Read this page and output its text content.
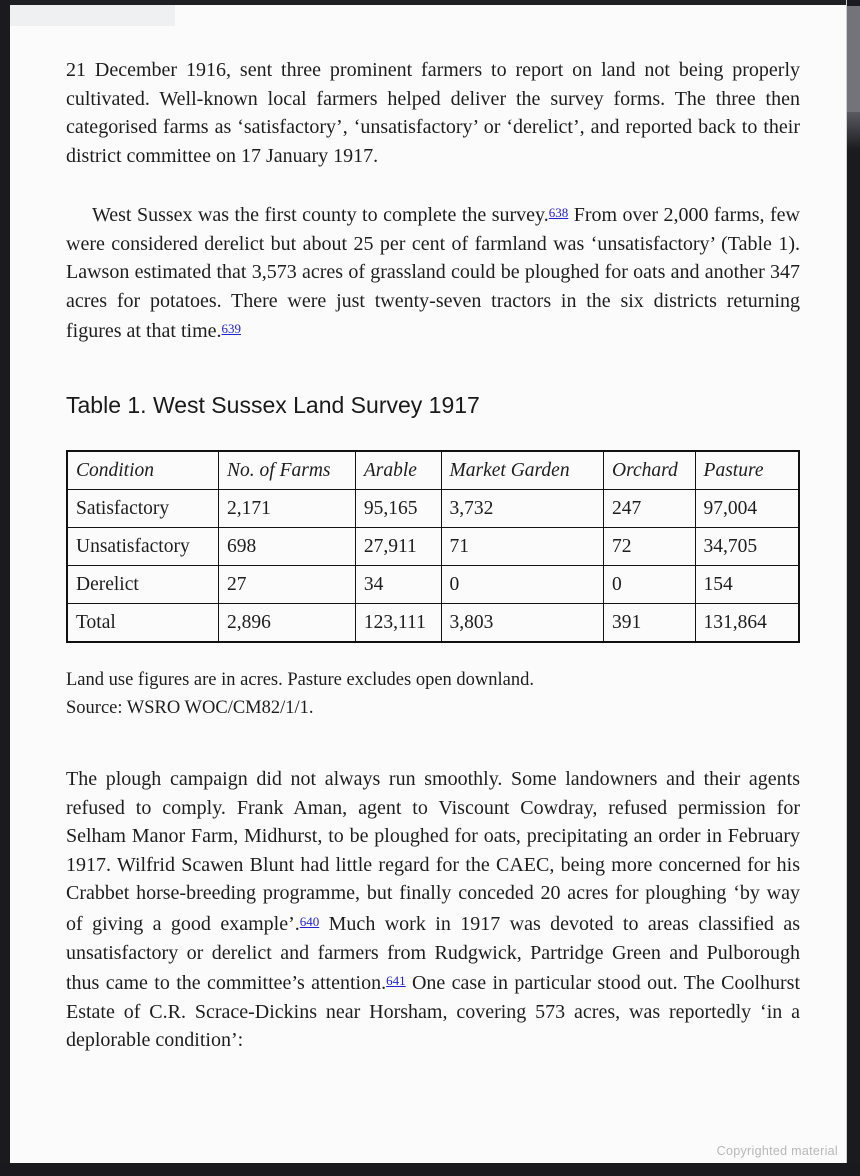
Copyrighted material

21 December 1916, sent three prominent farmers to report on land not being properly cultivated. Well-known local farmers helped deliver the survey forms. The three then categorised farms as ‘satisfactory’, ‘unsatisfactory’ or ‘derelict’, and reported back to their district committee on 17 January 1917.

West Sussex was the first county to complete the survey.$^{638}$ From over 2,000 farms, few were considered derelict but about 25 per cent of farmland was ‘unsatisfactory’ (Table 1). Lawson estimated that 3,573 acres of grassland could be ploughed for oats and another 347 acres for potatoes. There were just twenty-seven tractors in the six districts returning figures at that time.$^{639}$

Table 1. West Sussex Land Survey 1917
Condition	No. of Farms	Arable	Market Garden	Orchard	Pasture
Satisfactory	2,171	95,165	3,732	247	97,004
Unsatisfactory	698	27,911	71	72	34,705
Derelict	27	34	0	0	154
Total	2,896	123,111	3,803	391	131,864
Land use figures are in acres. Pasture excludes open downland.
Source: WSRO WOC/CM82/1/1.

The plough campaign did not always run smoothly. Some landowners and their agents refused to comply. Frank Aman, agent to Viscount Cowdray, refused permission for Selham Manor Farm, Midhurst, to be ploughed for oats, precipitating an order in February 1917. Wilfrid Scawen Blunt had little regard for the CAEC, being more concerned for his Crabbet horse-breeding programme, but finally conceded 20 acres for ploughing ‘by way of giving a good example’.$^{640}$ Much work in 1917 was devoted to areas classified as unsatisfactory or derelict and farmers from Rudgwick, Partridge Green and Pulborough thus came to the committee’s attention.$^{641}$ One case in particular stood out. The Coolhurst Estate of C.R. Scrace-Dickins near Horsham, covering 573 acres, was reportedly ‘in a deplorable condition’:
